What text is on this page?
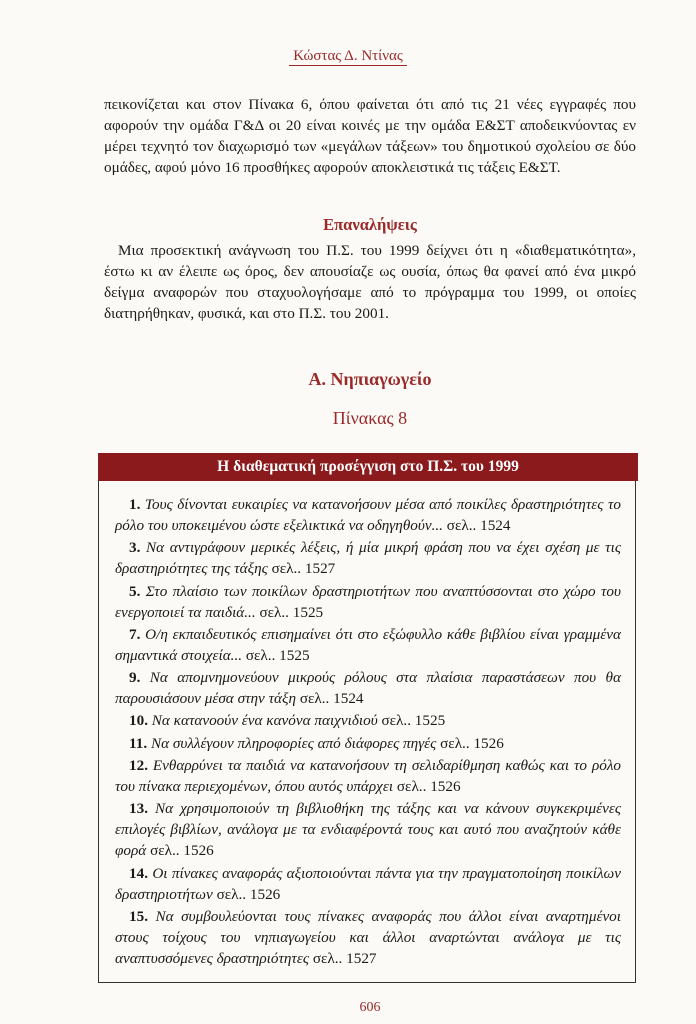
Κώστας Δ. Ντίνας

πεικονίζεται και στον Πίνακα 6, όπου φαίνεται ότι από τις 21 νέες εγγραφές που αφορούν την ομάδα Γ&Δ οι 20 είναι κοινές με την ομάδα Ε&ΣΤ αποδεικνύοντας εν μέρει τεχνητό τον διαχωρισμό των «μεγάλων τάξεων» του δημοτικού σχολείου σε δύο ομάδες, αφού μόνο 16 προσθήκες αφορούν αποκλειστικά τις τάξεις Ε&ΣΤ.

Επαναλήψεις

Μια προσεκτική ανάγνωση του Π.Σ. του 1999 δείχνει ότι η «διαθεματικότητα», έστω κι αν έλειπε ως όρος, δεν απουσίαζε ως ουσία, όπως θα φανεί από ένα μικρό δείγμα αναφορών που σταχυολογήσαμε από το πρόγραμμα του 1999, οι οποίες διατηρήθηκαν, φυσικά, και στο Π.Σ. του 2001.

Α. Νηπιαγωγείο
Πίνακας 8
Η διαθεματική προσέγγιση στο Π.Σ. του 1999
1. Τους δίνονται ευκαιρίες να κατανοήσουν μέσα από ποικίλες δραστηριότητες το ρόλο του υποκειμένου ώστε εξελικτικά να οδηγηθούν... σελ.. 1524
3. Να αντιγράφουν μερικές λέξεις, ή μία μικρή φράση που να έχει σχέση με τις δραστηριότητες της τάξης σελ.. 1527
5. Στο πλαίσιο των ποικίλων δραστηριοτήτων που αναπτύσσονται στο χώρο του ενεργοποιεί τα παιδιά... σελ.. 1525
7. Ο/η εκπαιδευτικός επισημαίνει ότι στο εξώφυλλο κάθε βιβλίου είναι γραμμένα σημαντικά στοιχεία... σελ.. 1525
9. Να απομνημονεύουν μικρούς ρόλους στα πλαίσια παραστάσεων που θα παρουσιάσουν μέσα στην τάξη σελ.. 1524
10. Να κατανοούν ένα κανόνα παιχνιδιού σελ.. 1525
11. Να συλλέγουν πληροφορίες από διάφορες πηγές σελ.. 1526
12. Ενθαρρύνει τα παιδιά να κατανοήσουν τη σελιδαρίθμηση καθώς και το ρόλο του πίνακα περιεχομένων, όπου αυτός υπάρχει σελ.. 1526
13. Να χρησιμοποιούν τη βιβλιοθήκη της τάξης και να κάνουν συγκεκριμένες επιλογές βιβλίων, ανάλογα με τα ενδιαφέροντά τους και αυτό που αναζητούν κάθε φορά σελ.. 1526
14. Οι πίνακες αναφοράς αξιοποιούνται πάντα για την πραγματοποίηση ποικίλων δραστηριοτήτων σελ.. 1526
15. Να συμβουλεύονται τους πίνακες αναφοράς που άλλοι είναι αναρτημένοι στους τοίχους του νηπιαγωγείου και άλλοι αναρτώνται ανάλογα με τις αναπτυσσόμενες δραστηριότητες σελ.. 1527
606
